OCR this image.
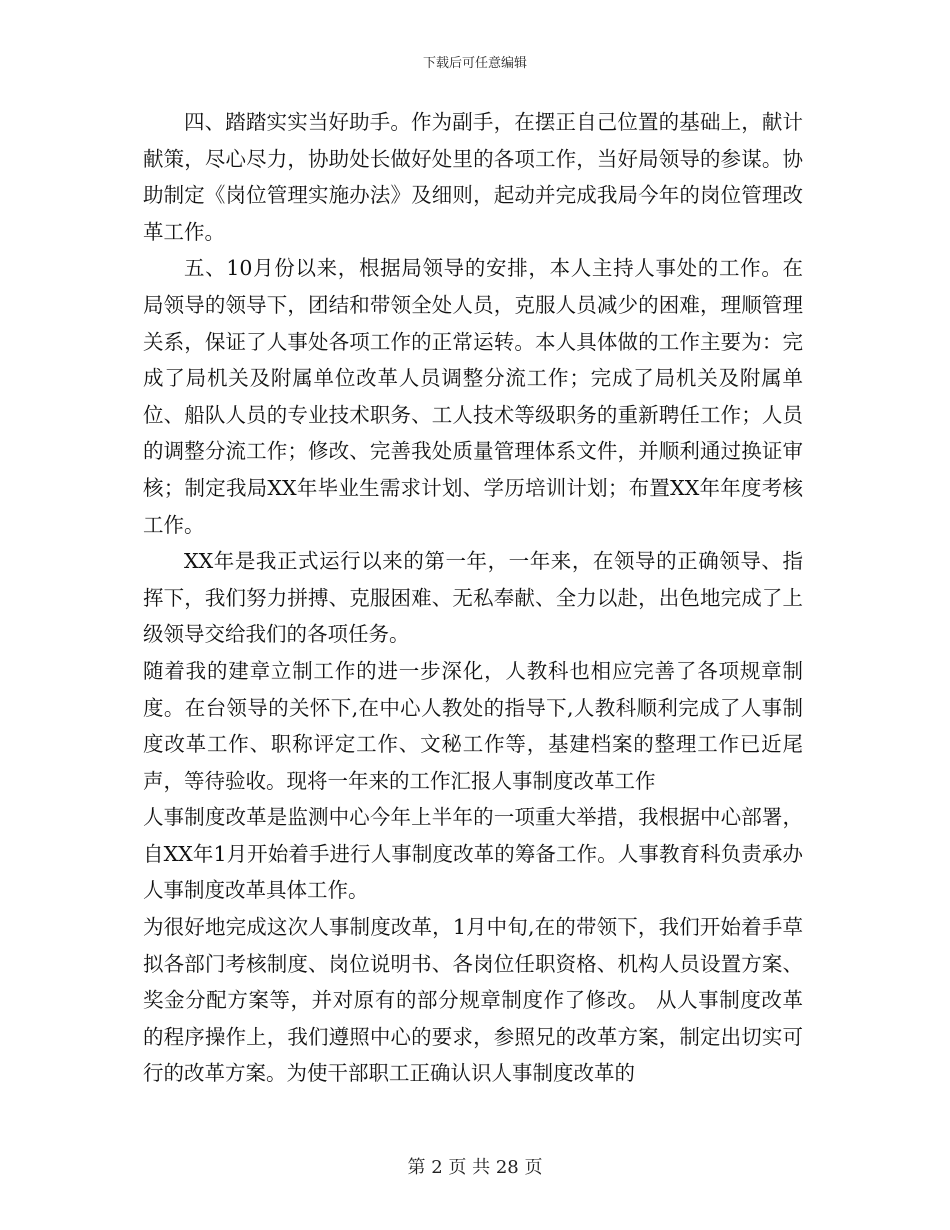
下载后可任意编辑

四、踏踏实实当好助手。作为副手，在摆正自己位置的基础上，献计献策，尽心尽力，协助处长做好处里的各项工作，当好局领导的参谋。协助制定《岗位管理实施办法》及细则，起动并完成我局今年的岗位管理改革工作。

五、10月份以来，根据局领导的安排，本人主持人事处的工作。在局领导的领导下，团结和带领全处人员，克服人员减少的困难，理顺管理关系，保证了人事处各项工作的正常运转。本人具体做的工作主要为：完成了局机关及附属单位改革人员调整分流工作；完成了局机关及附属单位、船队人员的专业技术职务、工人技术等级职务的重新聘任工作；人员的调整分流工作；修改、完善我处质量管理体系文件，并顺利通过换证审核；制定我局XX年毕业生需求计划、学历培训计划；布置XX年年度考核工作。

XX年是我正式运行以来的第一年，一年来，在领导的正确领导、指挥下，我们努力拼搏、克服困难、无私奉献、全力以赴，出色地完成了上级领导交给我们的各项任务。

随着我的建章立制工作的进一步深化，人教科也相应完善了各项规章制度。在台领导的关怀下,在中心人教处的指导下,人教科顺利完成了人事制度改革工作、职称评定工作、文秘工作等，基建档案的整理工作已近尾声，等待验收。现将一年来的工作汇报人事制度改革工作

人事制度改革是监测中心今年上半年的一项重大举措，我根据中心部署，自XX年1月开始着手进行人事制度改革的筹备工作。人事教育科负责承办人事制度改革具体工作。

为很好地完成这次人事制度改革，1月中旬,在的带领下，我们开始着手草拟各部门考核制度、岗位说明书、各岗位任职资格、机构人员设置方案、奖金分配方案等，并对原有的部分规章制度作了修改。 从人事制度改革的程序操作上，我们遵照中心的要求，参照兄的改革方案，制定出切实可行的改革方案。为使干部职工正确认识人事制度改革的

第 2 页 共 28 页
